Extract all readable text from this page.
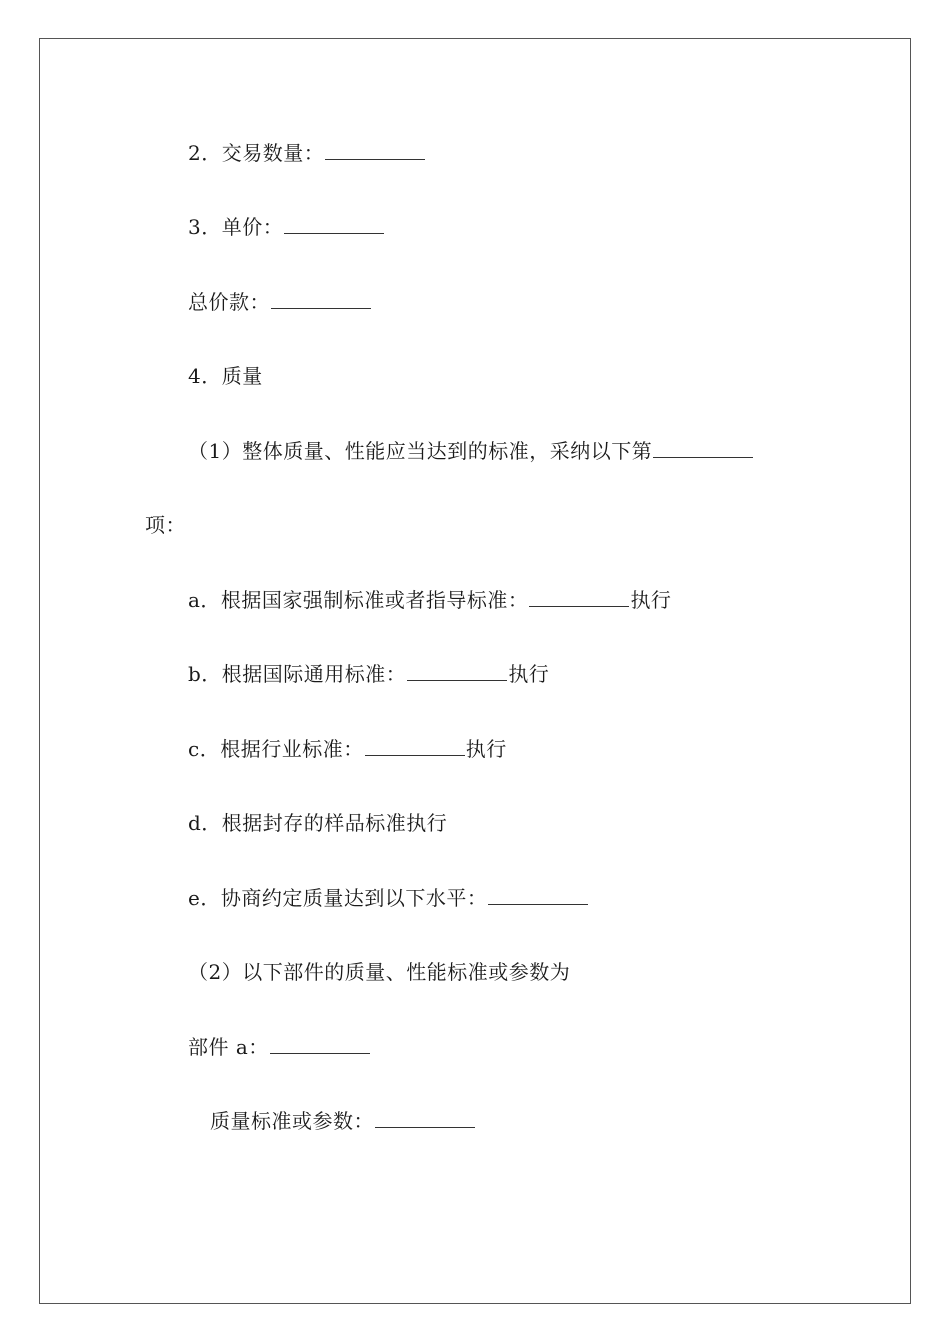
2．交易数量：
3．单价：
总价款：
4．质量
（1）整体质量、性能应当达到的标准，采纳以下第
项：
a．根据国家强制标准或者指导标准：	执行
b．根据国际通用标准：	执行
c．根据行业标准：	执行
d．根据封存的样品标准执行
e．协商约定质量达到以下水平：
（2）以下部件的质量、性能标准或参数为
部件 a：
质量标准或参数：
